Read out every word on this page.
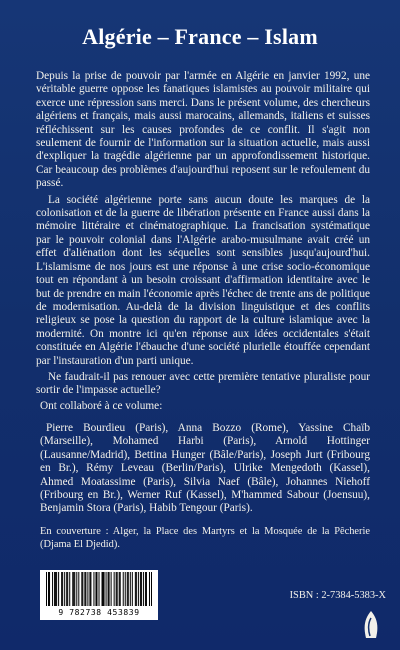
Algérie – France – Islam

Depuis la prise de pouvoir par l'armée en Algérie en janvier 1992, une véritable guerre oppose les fanatiques islamistes au pouvoir militaire qui exerce une répression sans merci. Dans le présent volume, des chercheurs algériens et français, mais aussi marocains, allemands, italiens et suisses réfléchissent sur les causes profondes de ce conflit. Il s'agit non seulement de fournir de l'information sur la situation actuelle, mais aussi d'expliquer la tragédie algérienne par un approfondissement historique. Car beaucoup des problèmes d'aujourd'hui reposent sur le refoulement du passé.

La société algérienne porte sans aucun doute les marques de la colonisation et de la guerre de libération présente en France aussi dans la mémoire littéraire et cinématographique. La francisation systématique par le pouvoir colonial dans l'Algérie arabo-musulmane avait créé un effet d'aliénation dont les séquelles sont sensibles jusqu'aujourd'hui. L'islamisme de nos jours est une réponse à une crise socio-économique tout en répondant à un besoin croissant d'affirmation identitaire avec le but de prendre en main l'économie après l'échec de trente ans de politique de modernisation. Au-delà de la division linguistique et des conflits religieux se pose la question du rapport de la culture islamique avec la modernité. On montre ici qu'en réponse aux idées occidentales s'était constituée en Algérie l'ébauche d'une société plurielle étouffée cependant par l'instauration d'un parti unique.

Ne faudrait-il pas renouer avec cette première tentative pluraliste pour sortir de l'impasse actuelle?

Ont collaboré à ce volume:
Pierre Bourdieu (Paris), Anna Bozzo (Rome), Yassine Chaïb (Marseille), Mohamed Harbi (Paris), Arnold Hottinger (Lausanne/Madrid), Bettina Hunger (Bâle/Paris), Joseph Jurt (Fribourg en Br.), Rémy Leveau (Berlin/Paris), Ulrike Mengedoth (Kassel), Ahmed Moatassime (Paris), Silvia Naef (Bâle), Johannes Niehoff (Fribourg en Br.), Werner Ruf (Kassel), M'hammed Sabour (Joensuu), Benjamin Stora (Paris), Habib Tengour (Paris).
En couverture : Alger, la Place des Martyrs et la Mosquée de la Pêcherie (Djama El Djedid).
9 782738 453839
ISBN : 2-7384-5383-X
